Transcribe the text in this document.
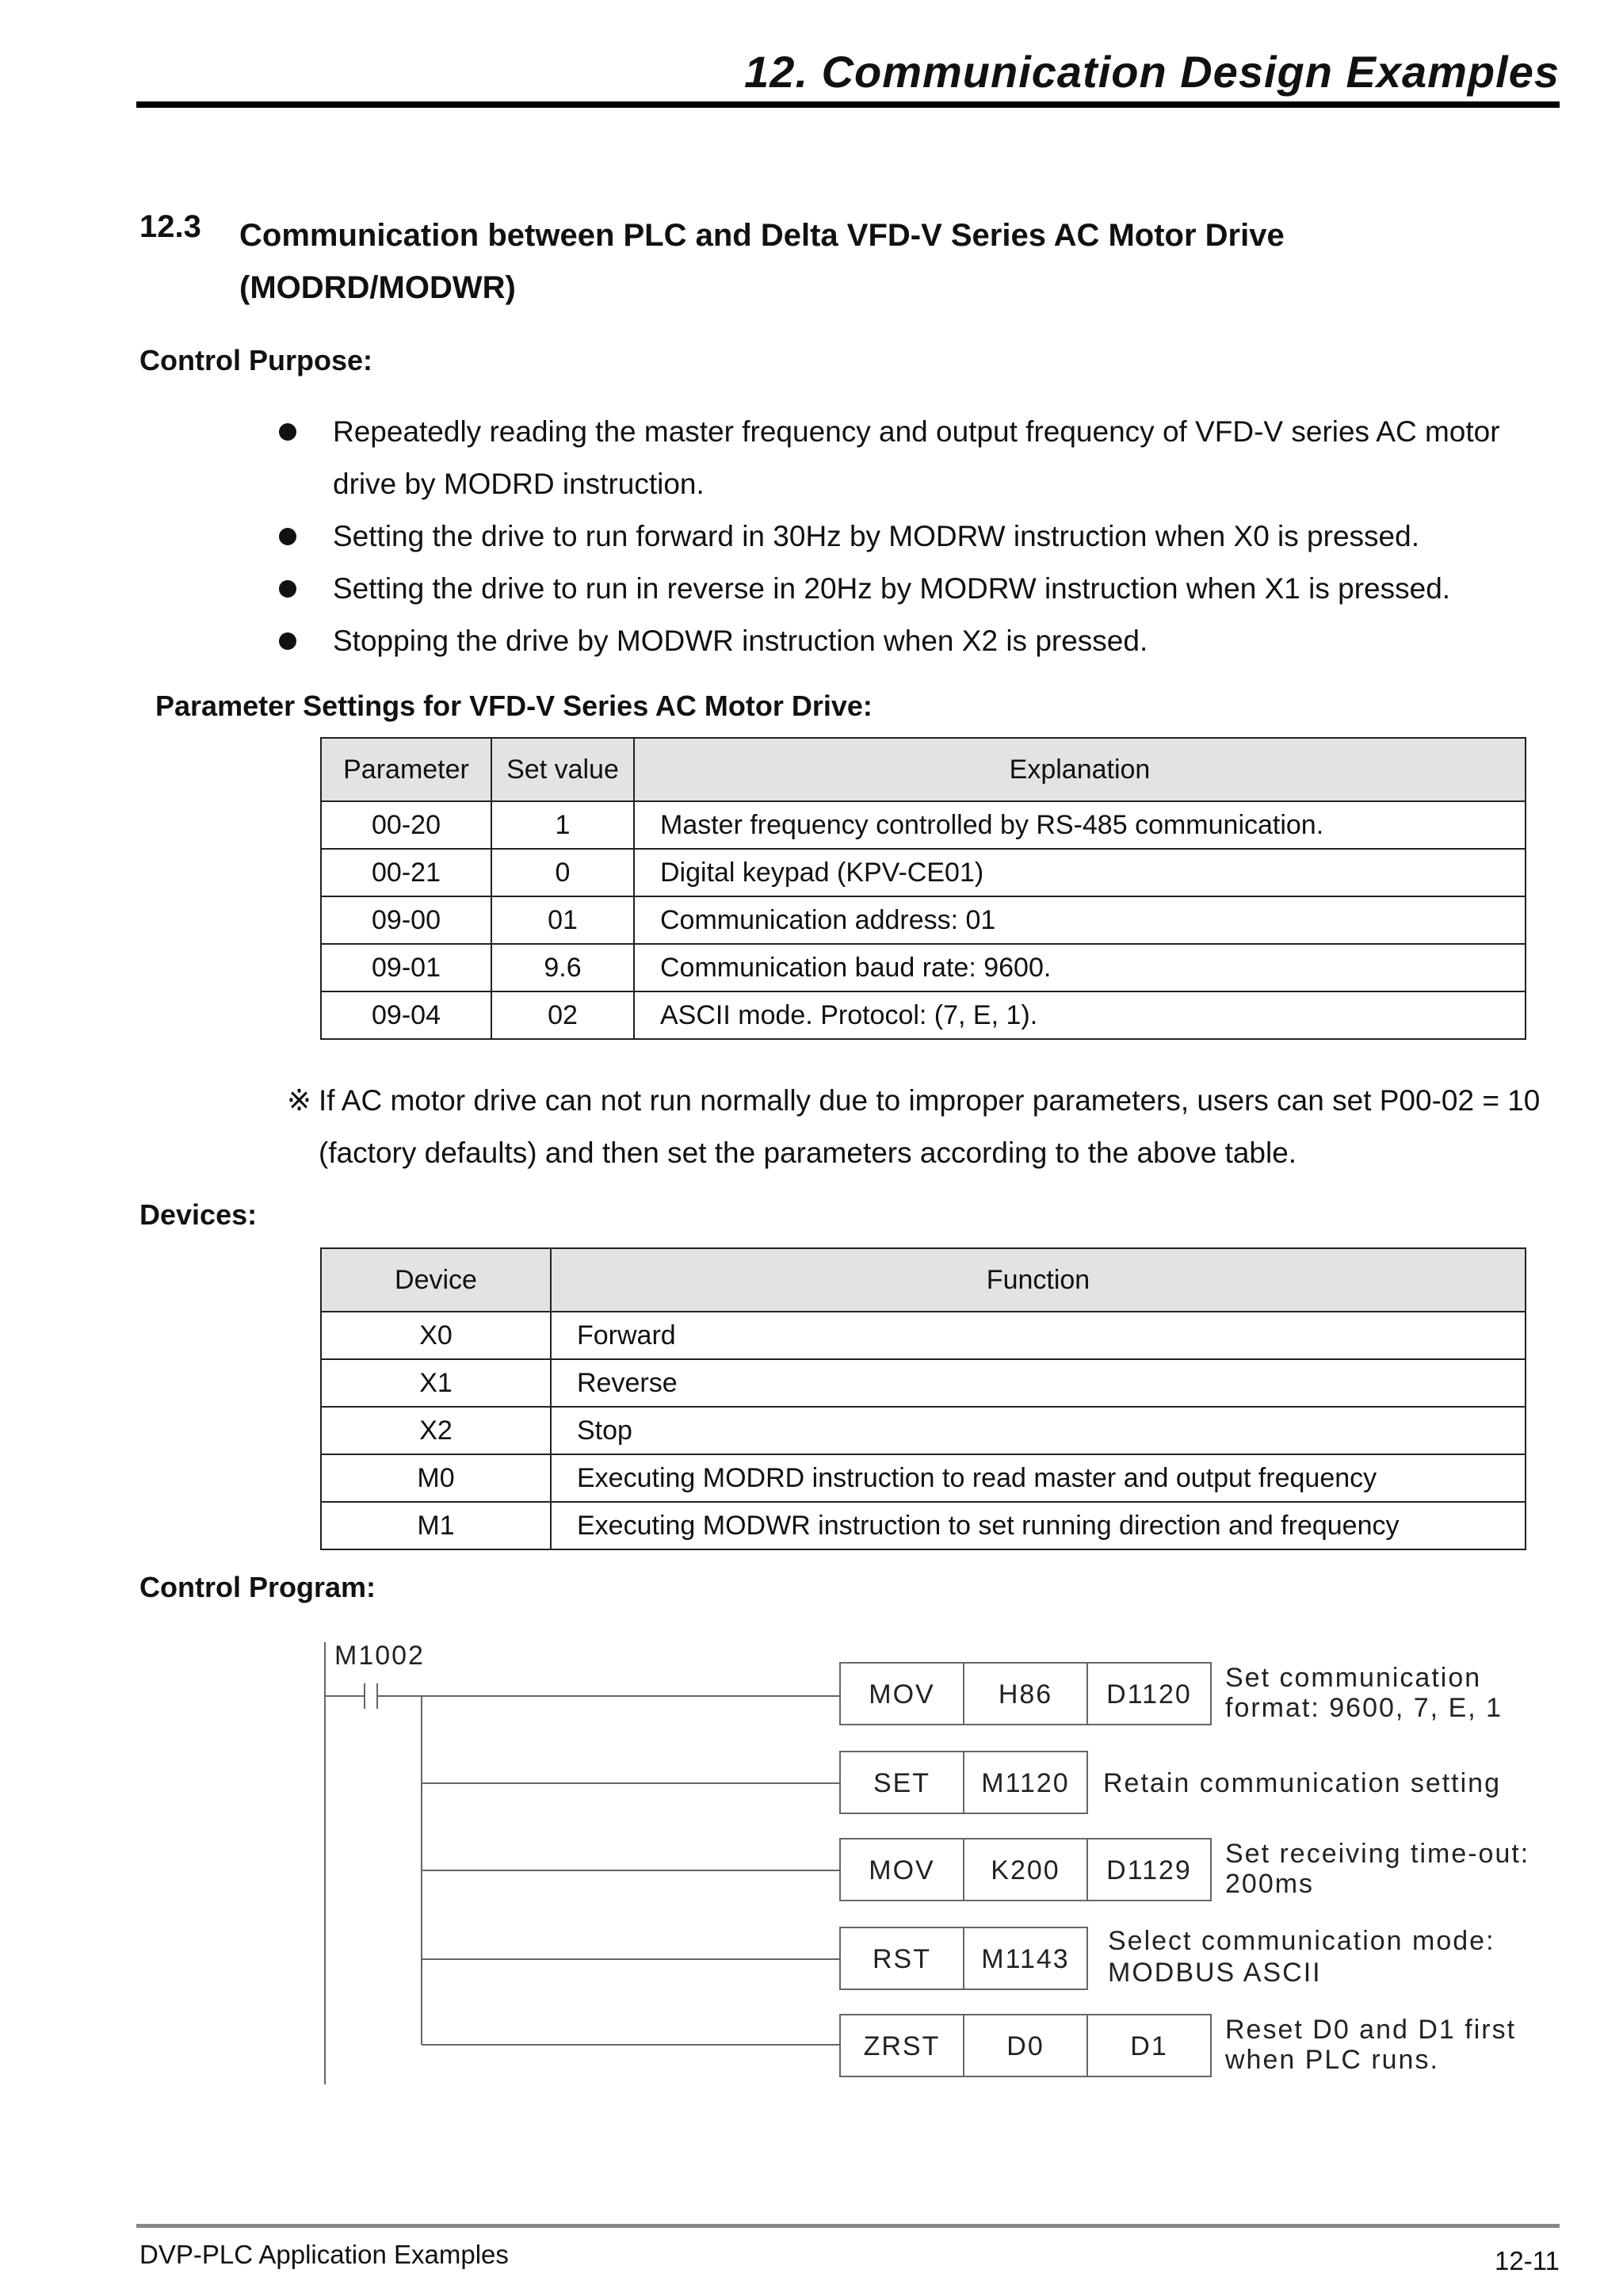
12. Communication Design Examples
12.3 Communication between PLC and Delta VFD-V Series AC Motor Drive
(MODRD/MODWR)
Control Purpose:
Repeatedly reading the master frequency and output frequency of VFD-V series AC motor drive by MODRD instruction.
Setting the drive to run forward in 30Hz by MODRW instruction when X0 is pressed.
Setting the drive to run in reverse in 20Hz by MODRW instruction when X1 is pressed.
Stopping the drive by MODWR instruction when X2 is pressed.
Parameter Settings for VFD-V Series AC Motor Drive:
Parameter	Set value	Explanation
00-20	1	Master frequency controlled by RS-485 communication.
00-21	0	Digital keypad (KPV-CE01)
09-00	01	Communication address: 01
09-01	9.6	Communication baud rate: 9600.
09-04	02	ASCII mode. Protocol: (7, E, 1).
※ If AC motor drive can not run normally due to improper parameters, users can set P00-02 = 10 (factory defaults) and then set the parameters according to the above table.
Devices:
Device	Function
X0	Forward
X1	Reverse
X2	Stop
M0	Executing MODRD instruction to read master and output frequency
M1	Executing MODWR instruction to set running direction and frequency
Control Program:
M1002
MOV H86 D1120
Set communication
format: 9600, 7, E, 1
SET M1120 Retain communication setting
MOV K200 D1129
Set receiving time-out:
200ms
RST M1143
Select communication mode:
MODBUS ASCII
ZRST D0	D1
Reset D0 and D1 first
when PLC runs.
DVP-PLC Application Examples	12-11
